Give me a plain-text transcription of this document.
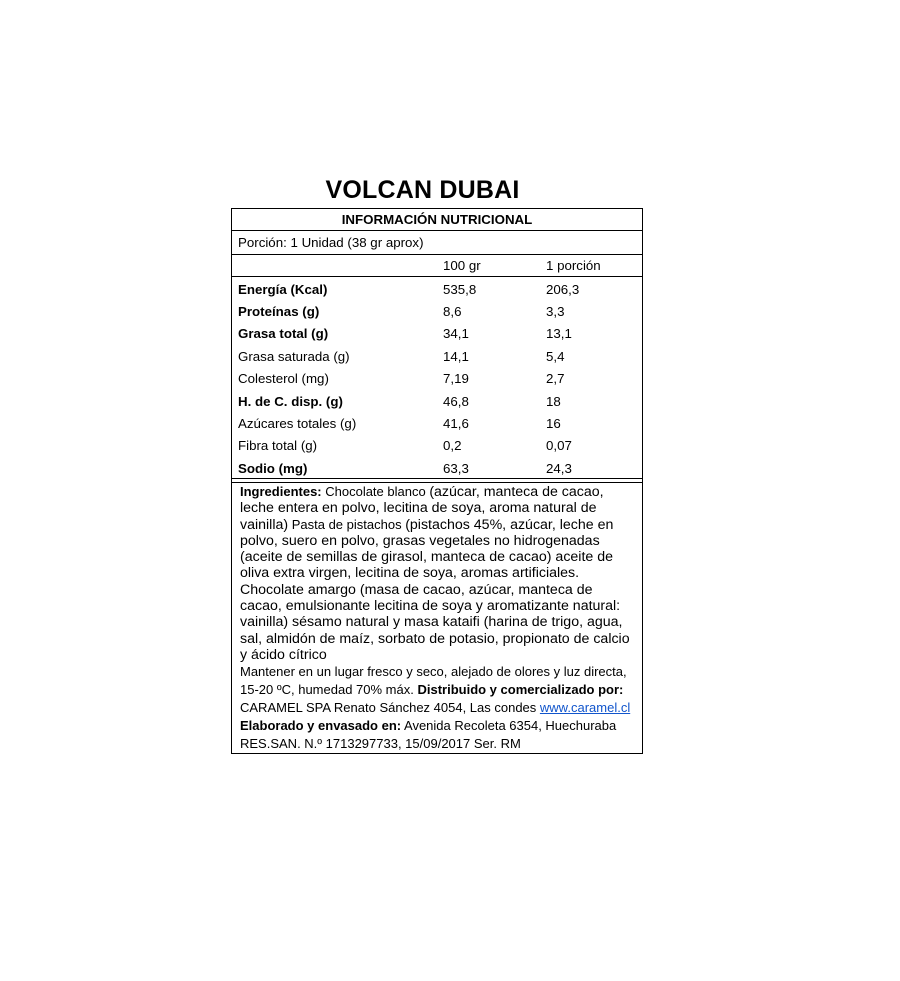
VOLCAN DUBAI
INFORMACIÓN NUTRICIONAL
Porción: 1 Unidad (38 gr aprox)
100 gr	1 porción
Energía (Kcal)	535,8	206,3
Proteínas (g)	8,6	3,3
Grasa total (g)	34,1	13,1
Grasa saturada (g)	14,1	5,4
Colesterol (mg)	7,19	2,7
H. de C. disp. (g)	46,8	18
Azúcares totales (g)	41,6	16
Fibra total (g)	0,2	0,07
Sodio (mg)	63,3	24,3
Ingredientes: Chocolate blanco (azúcar, manteca de cacao, leche entera en polvo, lecitina de soya, aroma natural de vainilla) Pasta de pistachos (pistachos 45%, azúcar, leche en polvo, suero en polvo, grasas vegetales no hidrogenadas (aceite de semillas de girasol, manteca de cacao) aceite de oliva extra virgen, lecitina de soya, aromas artificiales. Chocolate amargo (masa de cacao, azúcar, manteca de cacao, emulsionante lecitina de soya y aromatizante natural: vainilla) sésamo natural y masa kataifi (harina de trigo, agua, sal, almidón de maíz, sorbato de potasio, propionato de calcio y ácido cítrico
Mantener en un lugar fresco y seco, alejado de olores y luz directa, 15-20 ºC, humedad 70% máx. Distribuido y comercializado por: CARAMEL SPA Renato Sánchez 4054, Las condes www.caramel.cl
Elaborado y envasado en: Avenida Recoleta 6354, Huechuraba
RES.SAN. N.º 1713297733, 15/09/2017 Ser. RM
